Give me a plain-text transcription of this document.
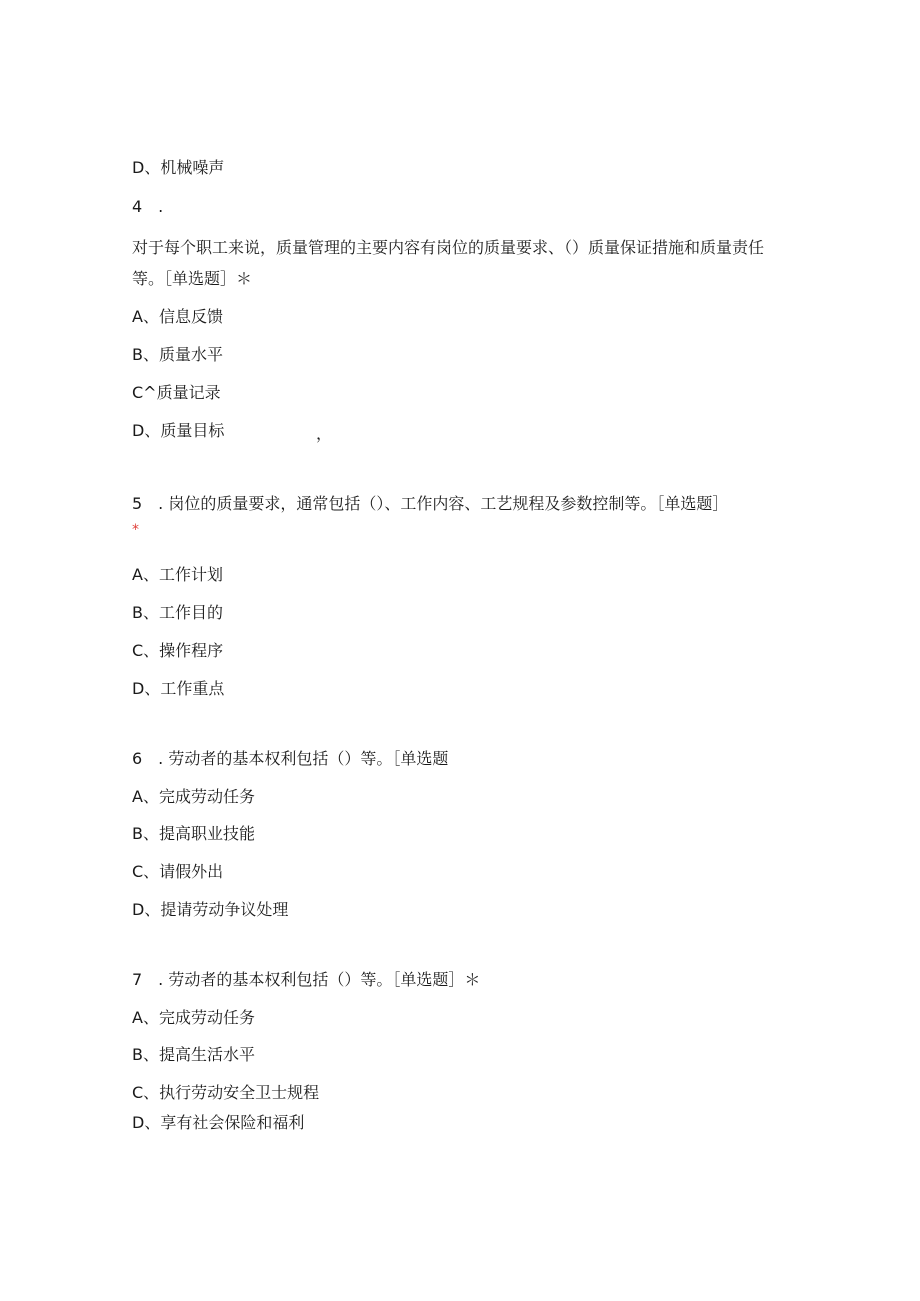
D、机械噪声
4 .
对于每个职工来说，质量管理的主要内容有岗位的质量要求、（）质量保证措施和质量责任等。［单选题］＊
A、信息反馈
B、质量水平
C^质量记录
D、质量目标	，
5 . 岗位的质量要求，通常包括（）、工作内容、工艺规程及参数控制等。［单选题］
*
A、工作计划
B、工作目的
C、操作程序
D、工作重点
6 . 劳动者的基本权利包括（）等。［单选题
A、完成劳动任务
B、提高职业技能
C、请假外出
D、提请劳动争议处理
7 . 劳动者的基本权利包括（）等。［单选题］＊
A、完成劳动任务
B、提高生活水平
C、执行劳动安全卫士规程
D、享有社会保险和福利
